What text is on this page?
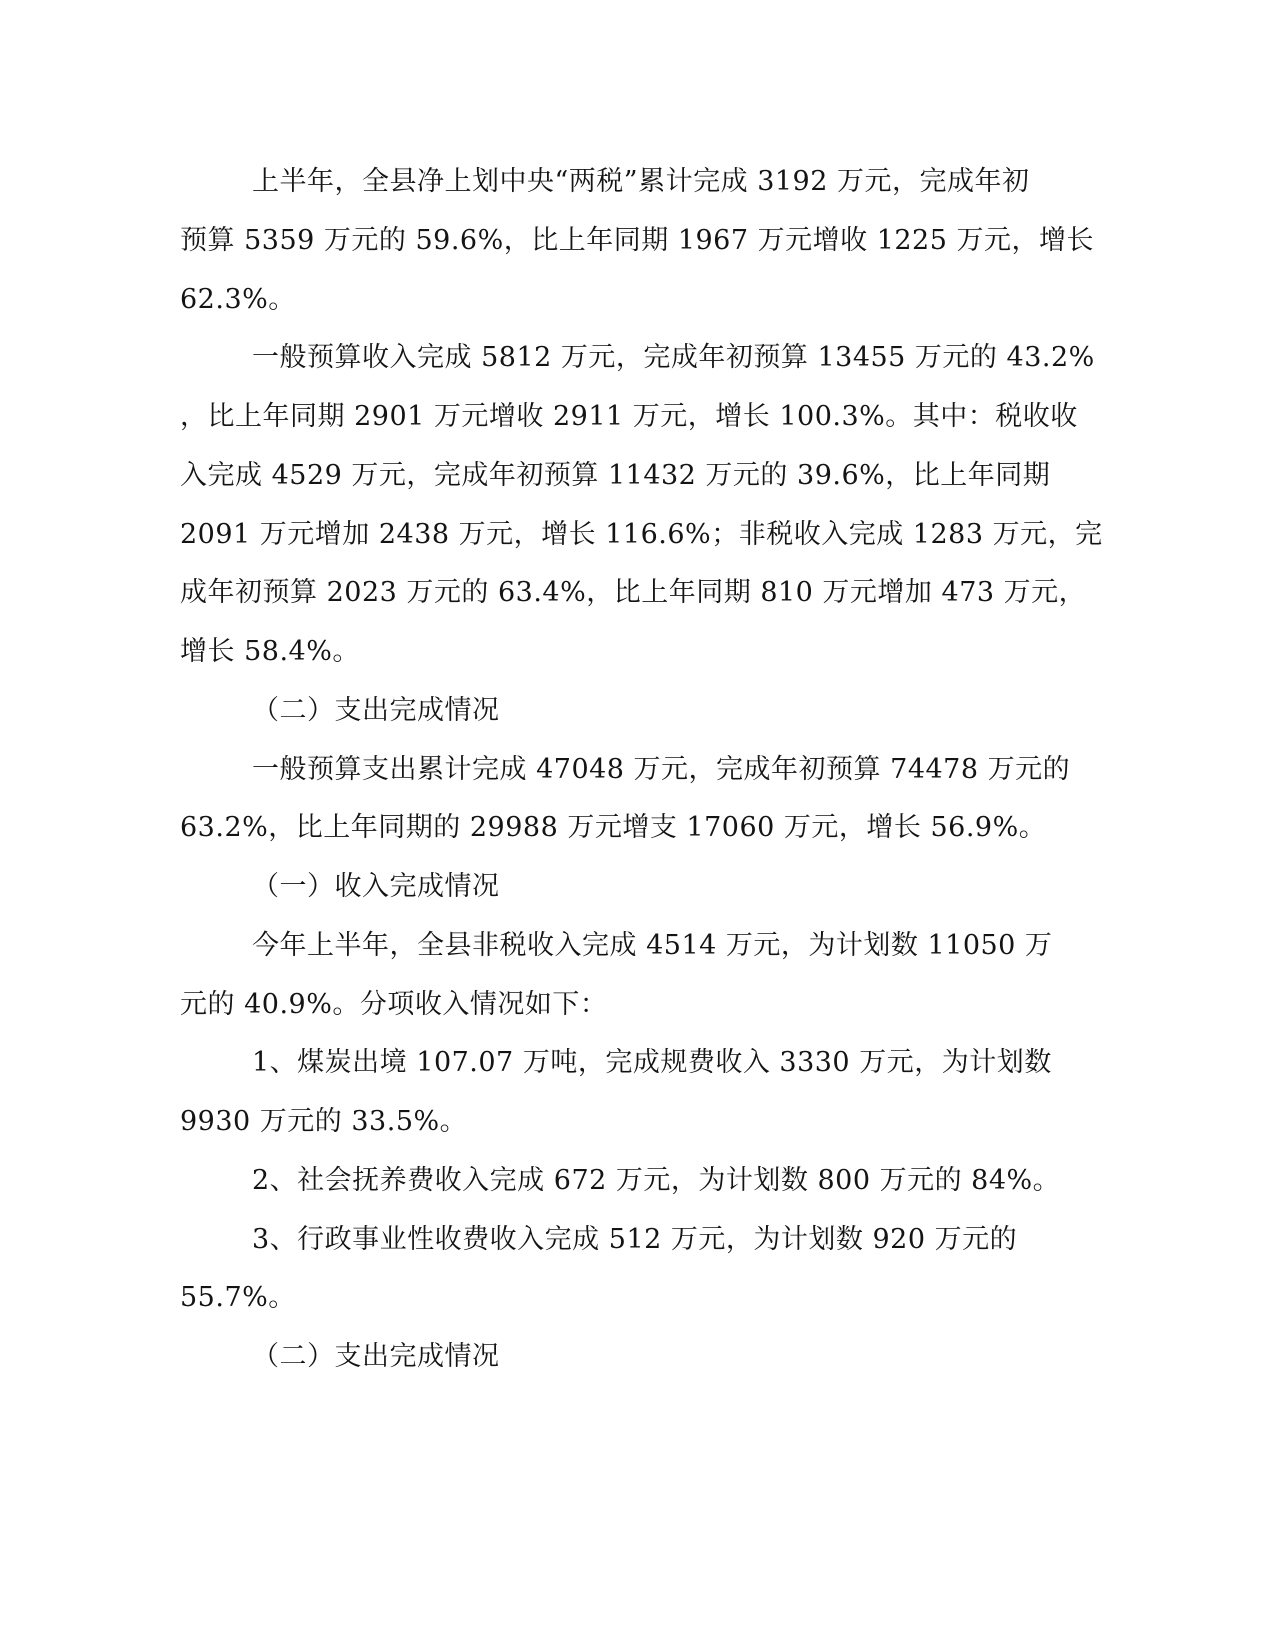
上半年，全县净上划中央“两税”累计完成 3192 万元，完成年初
预算 5359 万元的 59.6%，比上年同期 1967 万元增收 1225 万元，增长
62.3%。
一般预算收入完成 5812 万元，完成年初预算 13455 万元的 43.2%
，比上年同期 2901 万元增收 2911 万元，增长 100.3%。其中：税收收
入完成 4529 万元，完成年初预算 11432 万元的 39.6%，比上年同期
2091 万元增加 2438 万元，增长 116.6%；非税收入完成 1283 万元，完
成年初预算 2023 万元的 63.4%，比上年同期 810 万元增加 473 万元，
增长 58.4%。
（二）支出完成情况
一般预算支出累计完成 47048 万元，完成年初预算 74478 万元的
63.2%，比上年同期的 29988 万元增支 17060 万元，增长 56.9%。
（一）收入完成情况
今年上半年，全县非税收入完成 4514 万元，为计划数 11050 万
元的 40.9%。分项收入情况如下：
1、煤炭出境 107.07 万吨，完成规费收入 3330 万元，为计划数
9930 万元的 33.5%。
2、社会抚养费收入完成 672 万元，为计划数 800 万元的 84%。
3、行政事业性收费收入完成 512 万元，为计划数 920 万元的
55.7%。
（二）支出完成情况
